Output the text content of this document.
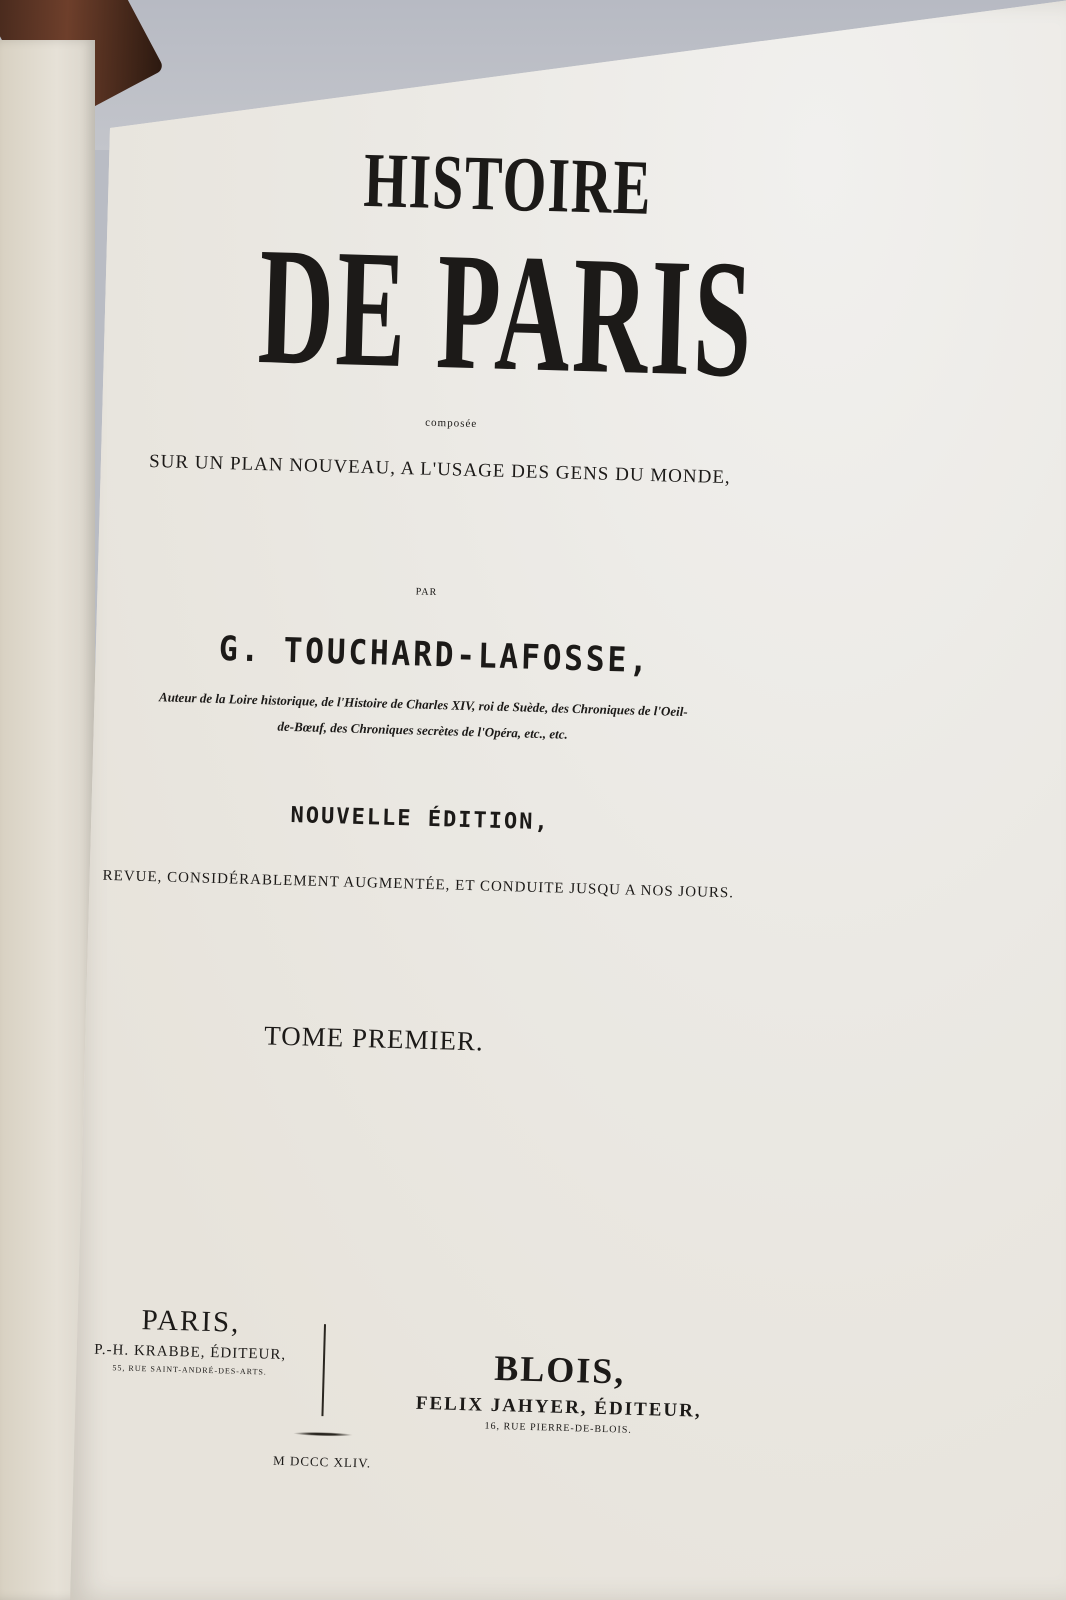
HISTOIRE
DE PARIS
composée
SUR UN PLAN NOUVEAU, A L'USAGE DES GENS DU MONDE,
PAR
G. TOUCHARD-LAFOSSE,
Auteur de la Loire historique, de l'Histoire de Charles XIV, roi de Suède, des Chroniques de l'Oeil-
de-Bœuf, des Chroniques secrètes de l'Opéra, etc., etc.
NOUVELLE ÉDITION,
REVUE, CONSIDÉRABLEMENT AUGMENTÉE, ET CONDUITE JUSQU A NOS JOURS.
TOME PREMIER.
PARIS,
P.-H. KRABBE, ÉDITEUR,
55, RUE SAINT-ANDRÉ-DES-ARTS.	BLOIS,
FELIX JAHYER, ÉDITEUR,
16, RUE PIERRE-DE-BLOIS.
M DCCC XLIV.
